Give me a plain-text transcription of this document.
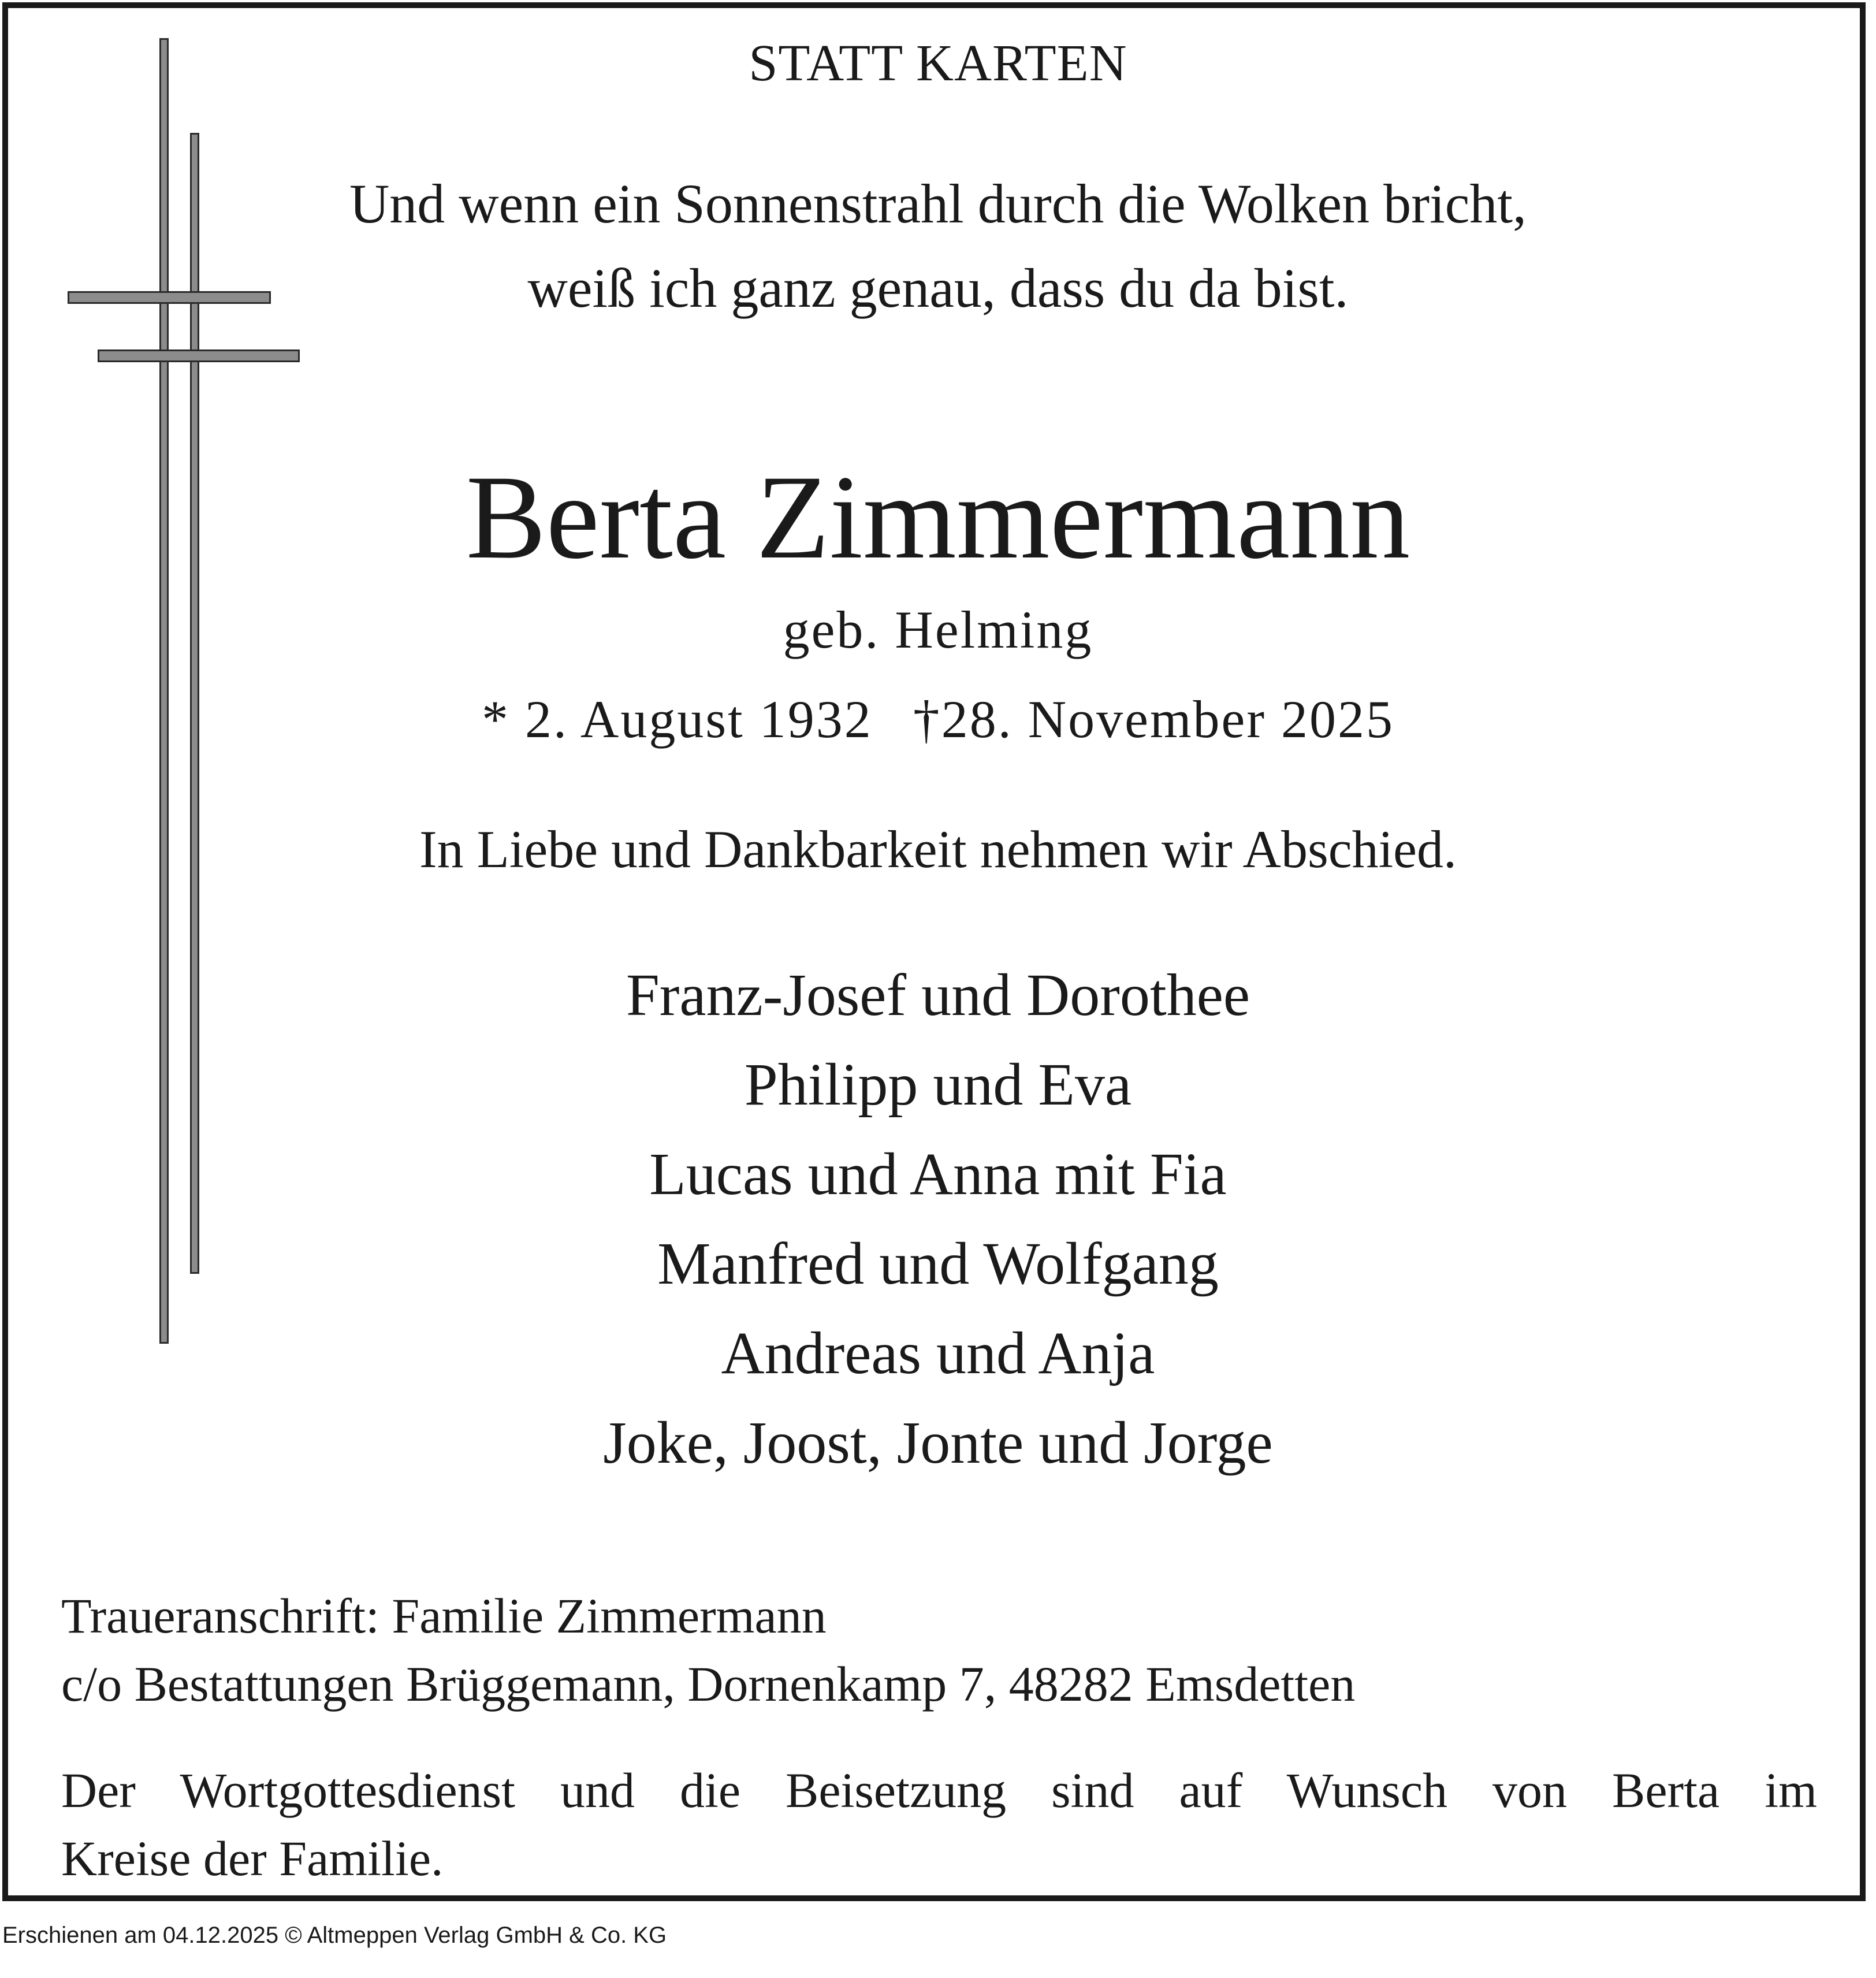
STATT KARTEN
Und wenn ein Sonnenstrahl durch die Wolken bricht,
weiß ich ganz genau, dass du da bist.
Berta Zimmermann
geb. Helming
* 2. August 1932 †28. November 2025
In Liebe und Dankbarkeit nehmen wir Abschied.
Franz-Josef und Dorothee
Philipp und Eva
Lucas und Anna mit Fia
Manfred und Wolfgang
Andreas und Anja
Joke, Joost, Jonte und Jorge
Traueranschrift: Familie Zimmermann
c/o Bestattungen Brüggemann, Dornenkamp 7, 48282 Emsdetten
Der Wortgottesdienst und die Beisetzung sind auf Wunsch von Berta im
Kreise der Familie.
Erschienen am 04.12.2025 © Altmeppen Verlag GmbH & Co. KG
